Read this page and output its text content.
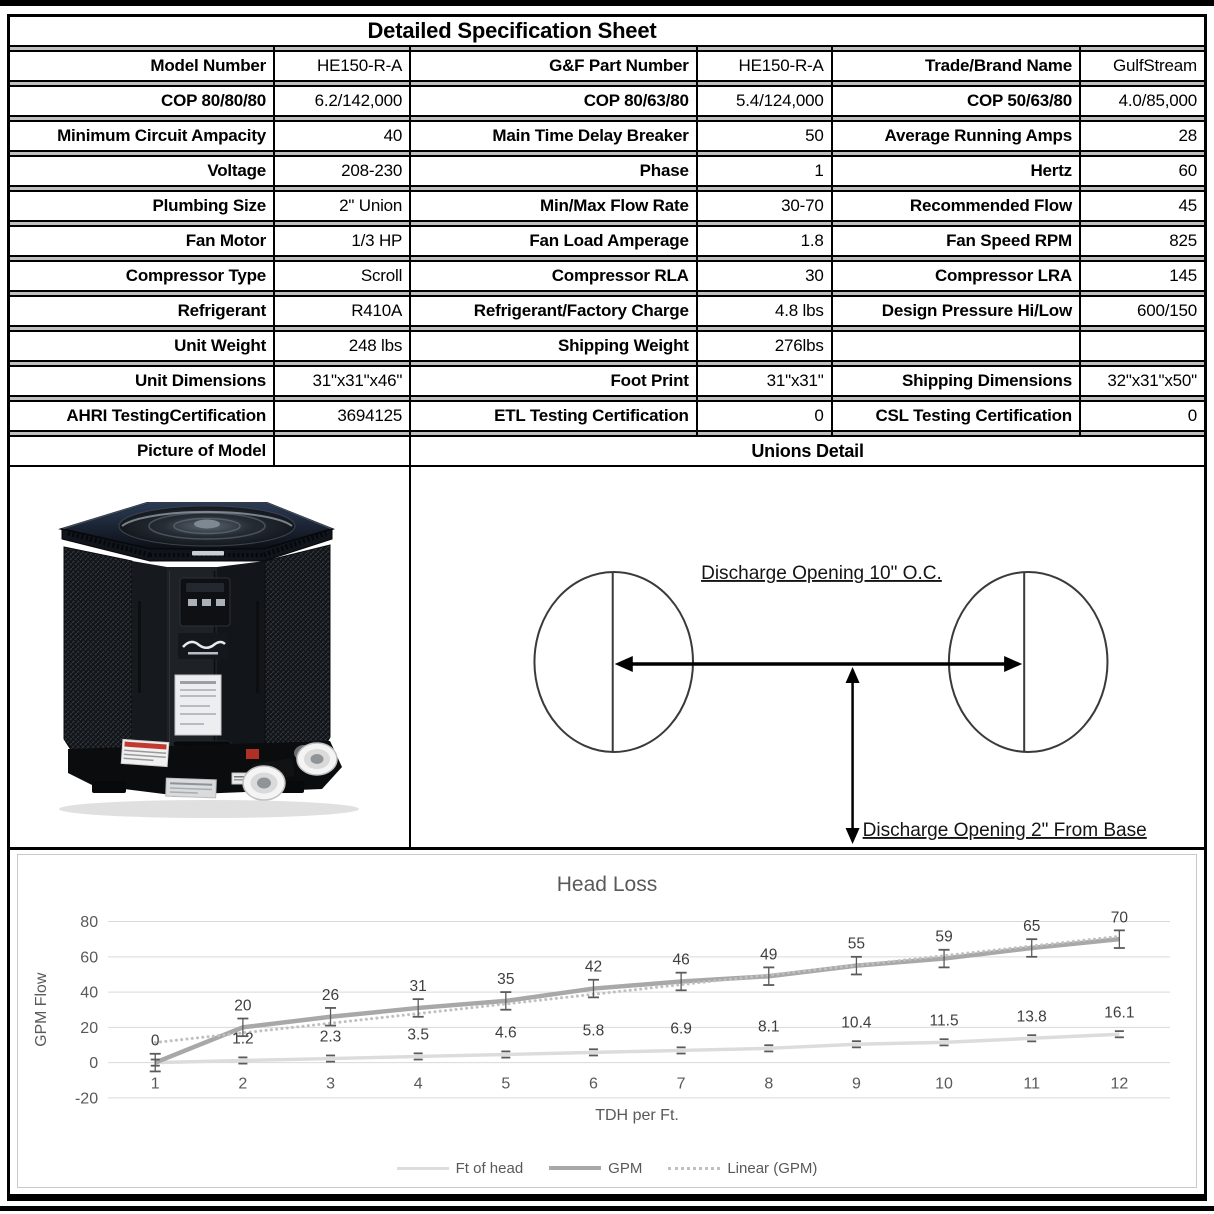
Detailed Specification Sheet
Model Number	HE150-R-A	G&F Part Number	HE150-R-A	Trade/Brand Name	GulfStream
COP 80/80/80	6.2/142,000	COP 80/63/80	5.4/124,000	COP 50/63/80	4.0/85,000
Minimum Circuit Ampacity	40	Main Time Delay Breaker	50	Average Running Amps	28
Voltage	208-230	Phase	1	Hertz	60
Plumbing Size	2" Union	Min/Max Flow Rate	30-70	Recommended Flow	45
Fan Motor	1/3 HP	Fan Load Amperage	1.8	Fan Speed RPM	825
Compressor Type	Scroll	Compressor RLA	30	Compressor LRA	145
Refrigerant	R410A	Refrigerant/Factory Charge	4.8 lbs	Design Pressure Hi/Low	600/150
Unit Weight	248 lbs	Shipping Weight	276lbs
Unit Dimensions	31"x31"x46"	Foot Print	31"x31"	Shipping Dimensions	32"x31"x50"
AHRI TestingCertification	3694125	ETL Testing Certification	0	CSL Testing Certification	0
Picture of Model	Unions Detail
Discharge Opening 10" O.C.
Discharge Opening 2" From Base
Head Loss
-20
0
20
40
60
80
1	2	3	4	5	6	7	8	9	10	11	12
TDH per Ft.
GPM Flow	1.2	2.3	3.5	4.6	5.8	6.9	8.1	10.4	11.5	13.8	16.1
0
20
26
31	35
42	46	49
55	59
65
70
Ft of head	GPM	Linear (GPM)
